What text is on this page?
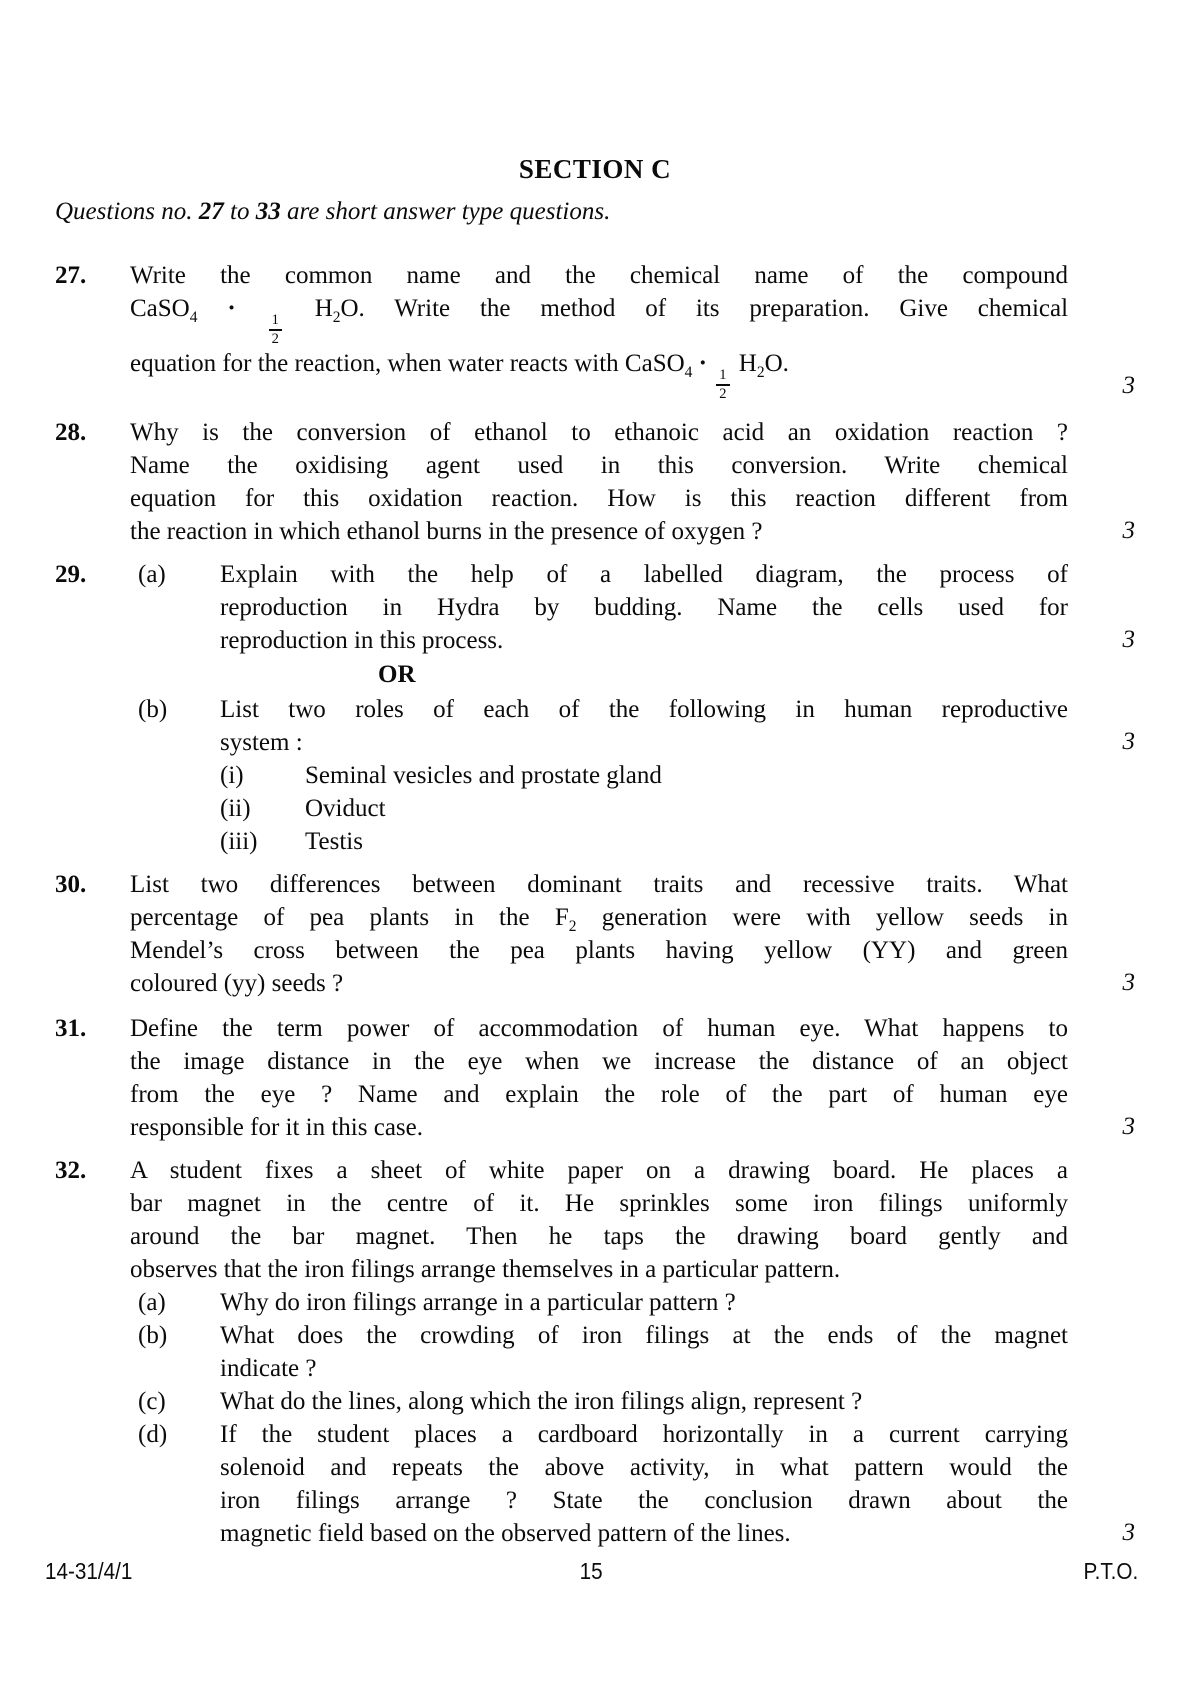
SECTION C
Questions no. 27 to 33 are short answer type questions.
27.	Write the common name and the chemical name of the compound
CaSO$_4$ ·
$\frac{1}{2}$
$H_2O$. Write the method of its preparation. Give chemical
equation for the reaction, when water reacts with CaSO$_4$ ·
$\frac{1}{2}$
$H_2O$.
3
28.	Why is the conversion of ethanol to ethanoic acid an oxidation reaction ?
Name the oxidising agent used in this conversion. Write chemical
equation for this oxidation reaction. How is this reaction different from
the reaction in which ethanol burns in the presence of oxygen ?	3
29.	(a)	Explain with the help of a labelled diagram, the process of
reproduction in Hydra by budding. Name the cells used for
reproduction in this process.	3
OR
(b)	List two roles of each of the following in human reproductive
system :	3
(i)	Seminal vesicles and prostate gland
(ii)	Oviduct
(iii)	Testis
30.	List two differences between dominant traits and recessive traits. What
percentage of pea plants in the $F_2$ generation were with yellow seeds in
Mendel’s cross between the pea plants having yellow (YY) and green
coloured (yy) seeds ?	3
31.	Define the term power of accommodation of human eye. What happens to
the image distance in the eye when we increase the distance of an object
from the eye ? Name and explain the role of the part of human eye
responsible for it in this case.	3
32.	A student fixes a sheet of white paper on a drawing board. He places a
bar magnet in the centre of it. He sprinkles some iron filings uniformly
around the bar magnet. Then he taps the drawing board gently and
observes that the iron filings arrange themselves in a particular pattern.
(a)	Why do iron filings arrange in a particular pattern ?
(b)	What does the crowding of iron filings at the ends of the magnet
indicate ?
(c)	What do the lines, along which the iron filings align, represent ?
(d)	If the student places a cardboard horizontally in a current carrying
solenoid and repeats the above activity, in what pattern would the
iron filings arrange ? State the conclusion drawn about the
magnetic field based on the observed pattern of the lines.	3
14-31/4/1	15	P.T.O.
